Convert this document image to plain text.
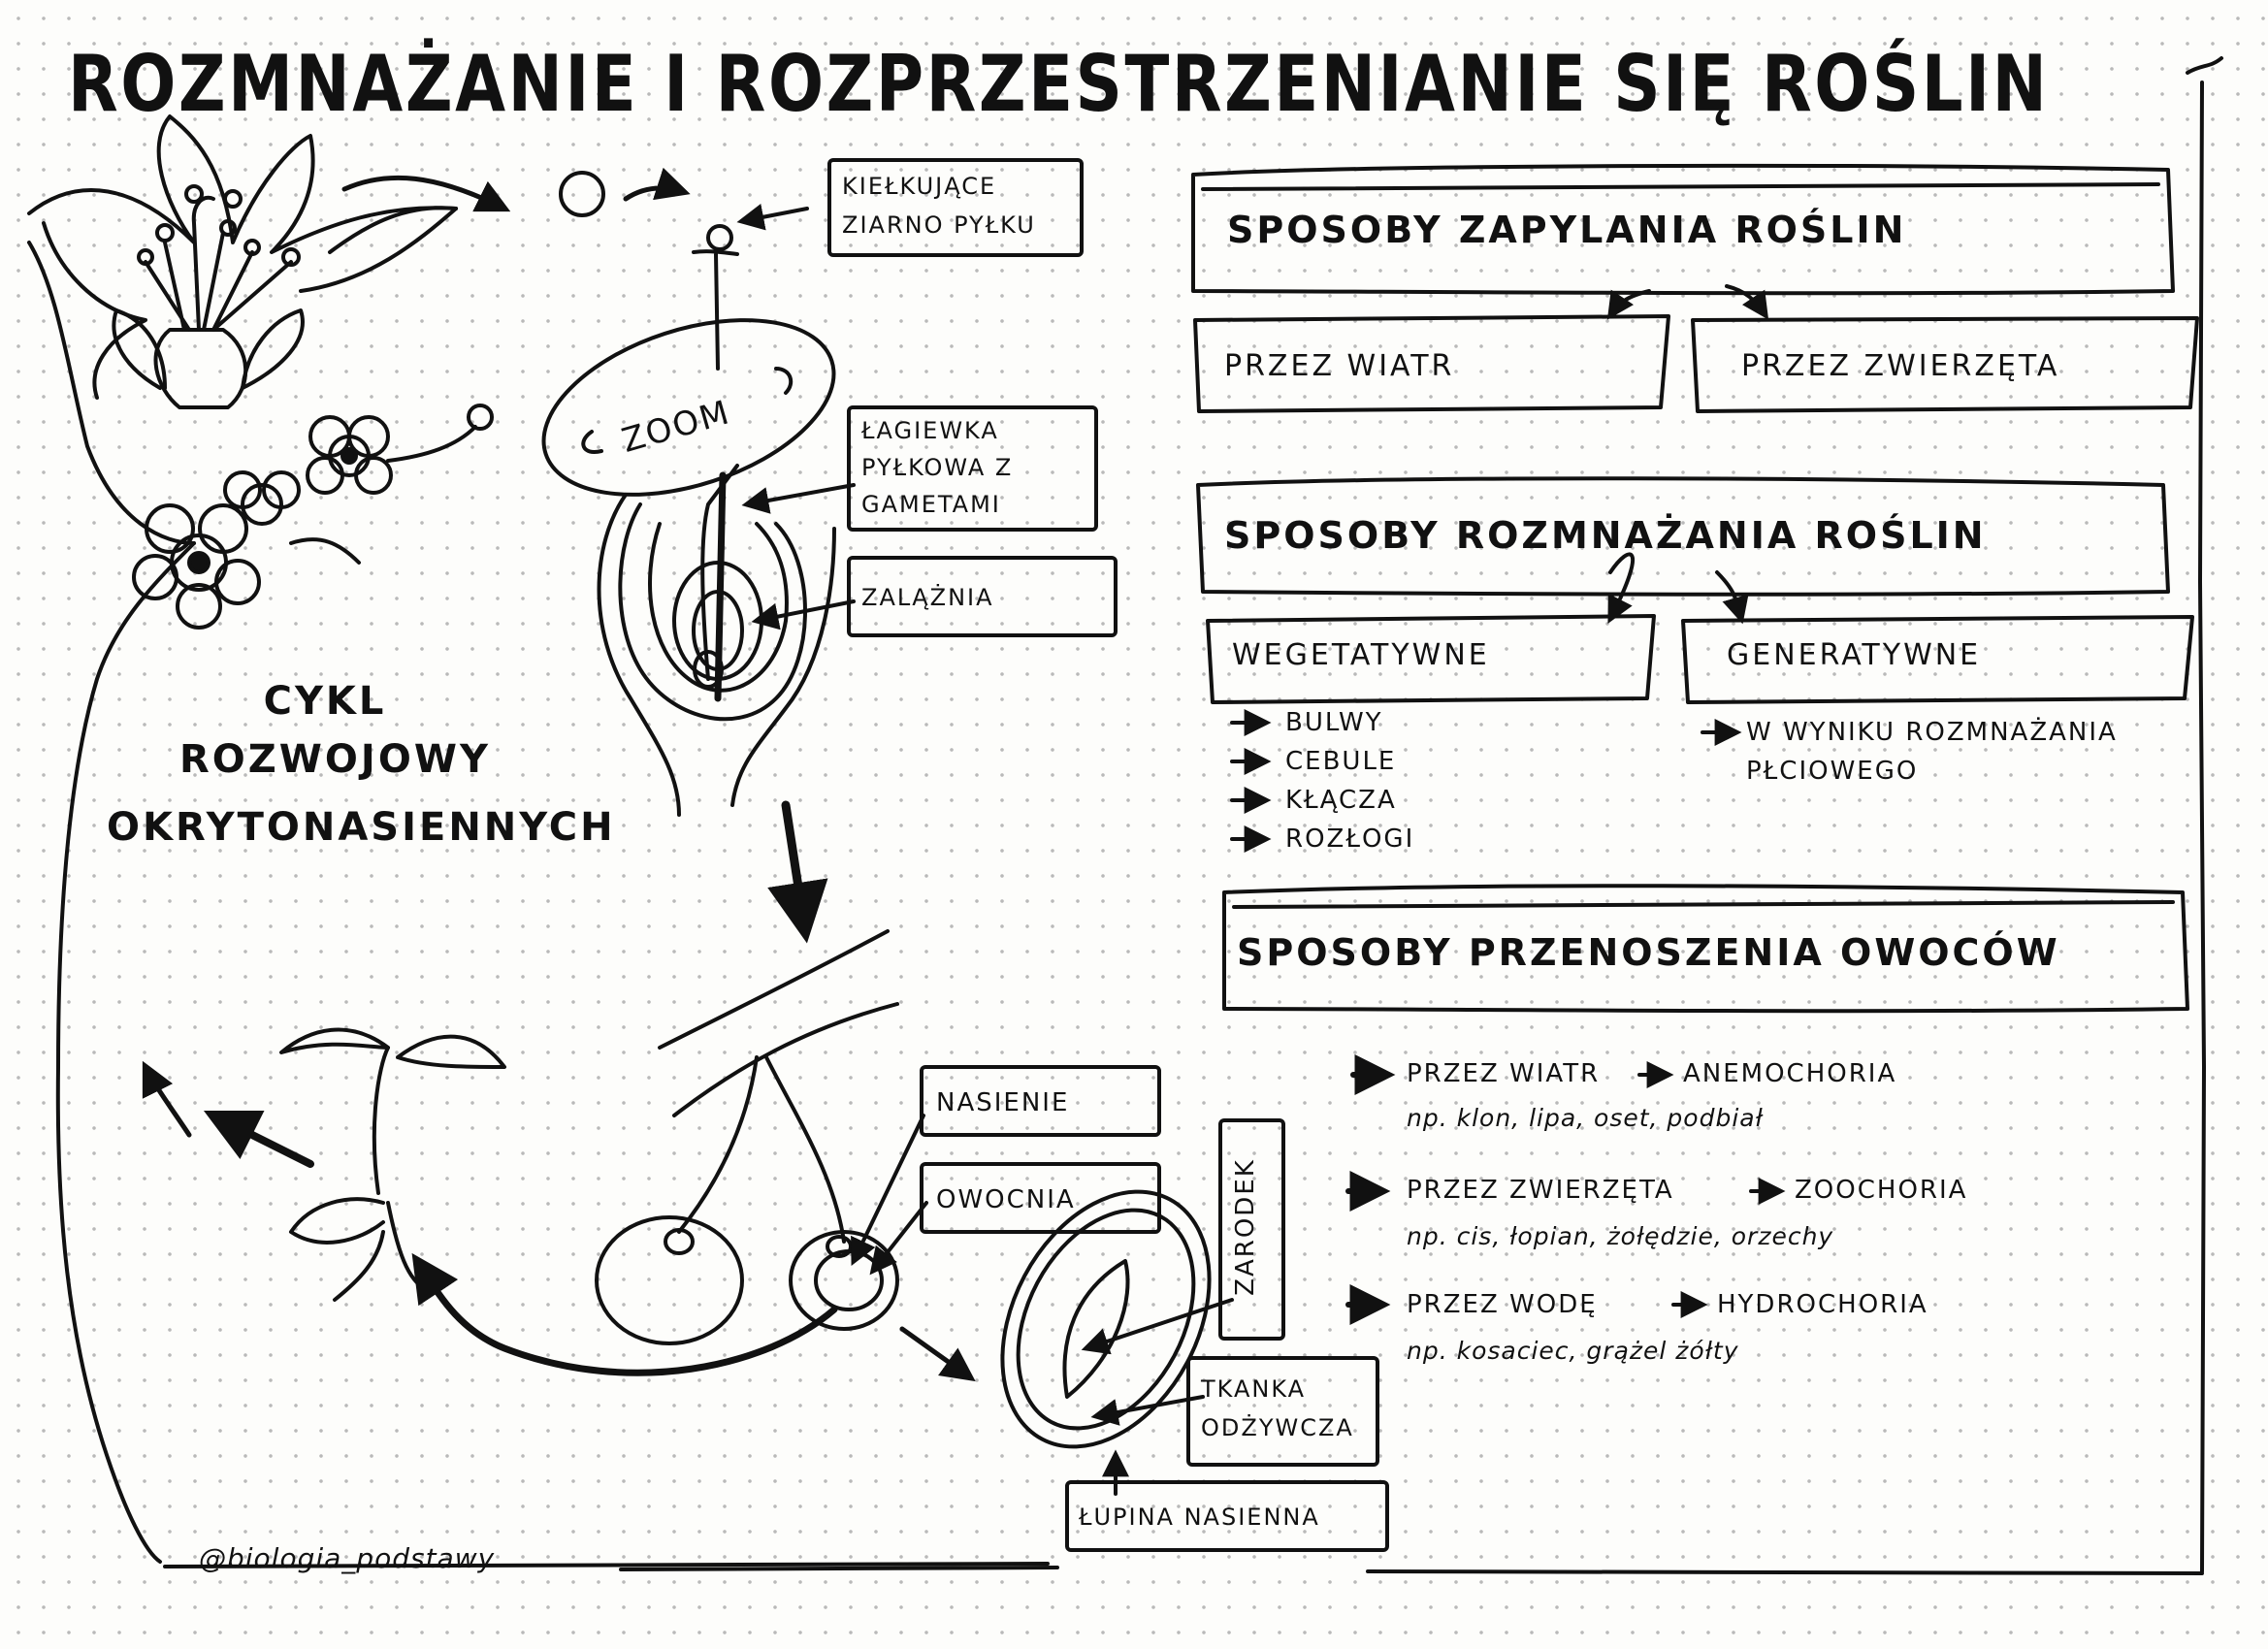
ROZMNAŻANIE I ROZPRZESTRZENIANIE SIĘ ROŚLIN
CYKL
ROZWOJOWY
OKRYTONASIENNYCH
KIEŁKUJĄCE
ZIARNO PYŁKU
ZOOM	ŁAGIEWKA
PYŁKOWA Z
GAMETAMI
ZALĄŻNIA
NASIENIE
OWOCNIA	ZARODEK
TKANKA
ODŻYWCZA
ŁUPINA NASIENNA
SPOSOBY ZAPYLANIA ROŚLIN
PRZEZ WIATR	PRZEZ ZWIERZĘTA
SPOSOBY ROZMNAŻANIA ROŚLIN
WEGETATYWNE	GENERATYWNE
BULWY
CEBULE
KŁĄCZA
ROZŁOGI
W WYNIKU ROZMNAŻANIA
PŁCIOWEGO
SPOSOBY PRZENOSZENIA OWOCÓW
PRZEZ WIATR	ANEMOCHORIA
np. klon, lipa, oset, podbiał
PRZEZ ZWIERZĘTA	ZOOCHORIA
np. cis, łopian, żołędzie, orzechy
PRZEZ WODĘ	HYDROCHORIA
np. kosaciec, grążel żółty
@biologia_podstawy
